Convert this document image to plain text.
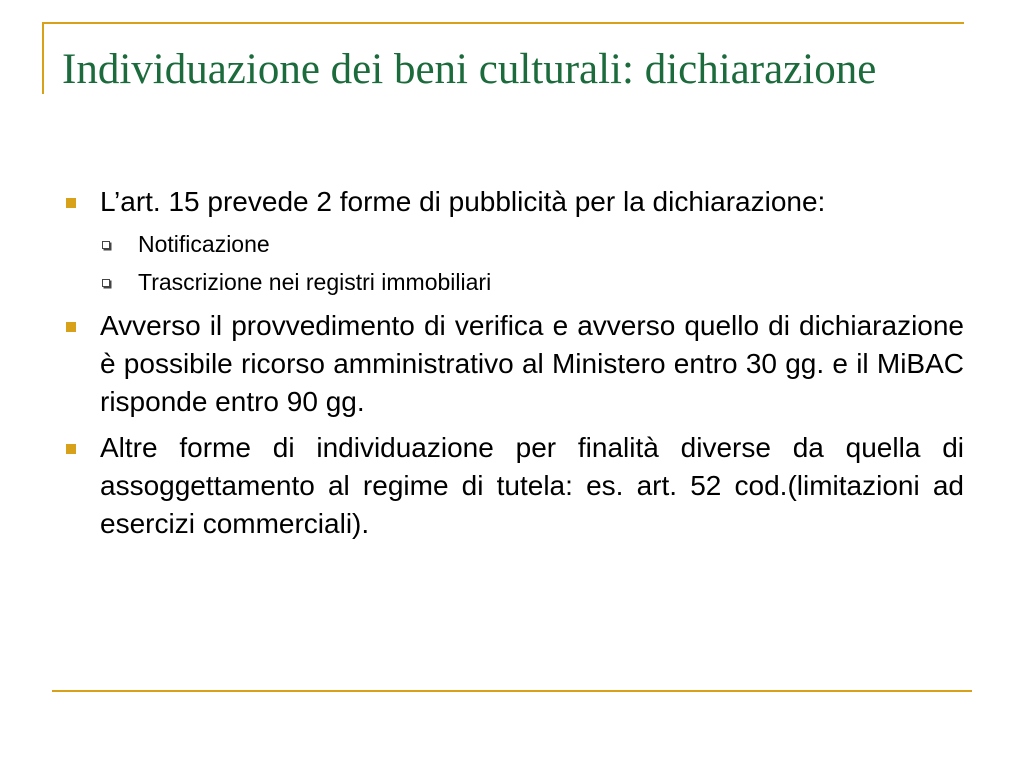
Individuazione dei beni culturali: dichiarazione
L’art. 15 prevede 2 forme di pubblicità per la dichiarazione:
Notificazione
Trascrizione nei registri immobiliari
Avverso il provvedimento di verifica e avverso quello di dichiarazione è possibile ricorso amministrativo al Ministero entro 30 gg. e il MiBAC risponde entro 90 gg.
Altre forme di individuazione per finalità diverse da quella di assoggettamento al regime di tutela: es. art. 52 cod.(limitazioni ad esercizi commerciali).
